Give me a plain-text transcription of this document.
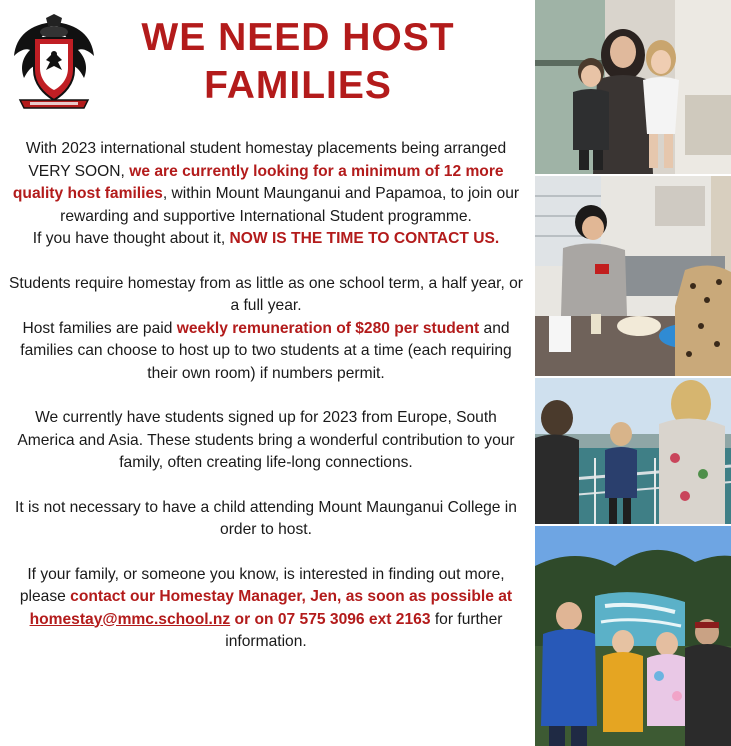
WE NEED HOST FAMILIES

With 2023 international student homestay placements being arranged VERY SOON, we are currently looking for a minimum of 12 more quality host families, within Mount Maunganui and Papamoa, to join our rewarding and supportive International Student programme.

If you have thought about it, NOW IS THE TIME TO CONTACT US.

Students require homestay from as little as one school term, a half year, or a full year.

Host families are paid weekly remuneration of $280 per student and families can choose to host up to two students at a time (each requiring their own room) if numbers permit.

We currently have students signed up for 2023 from Europe, South America and Asia. These students bring a wonderful contribution to your family, often creating life-long connections.

It is not necessary to have a child attending Mount Maunganui College in order to host.

If your family, or someone you know, is interested in finding out more, please contact our Homestay Manager, Jen, as soon as possible at homestay@mmc.school.nz or on 07 575 3096 ext 2163 for further information.
